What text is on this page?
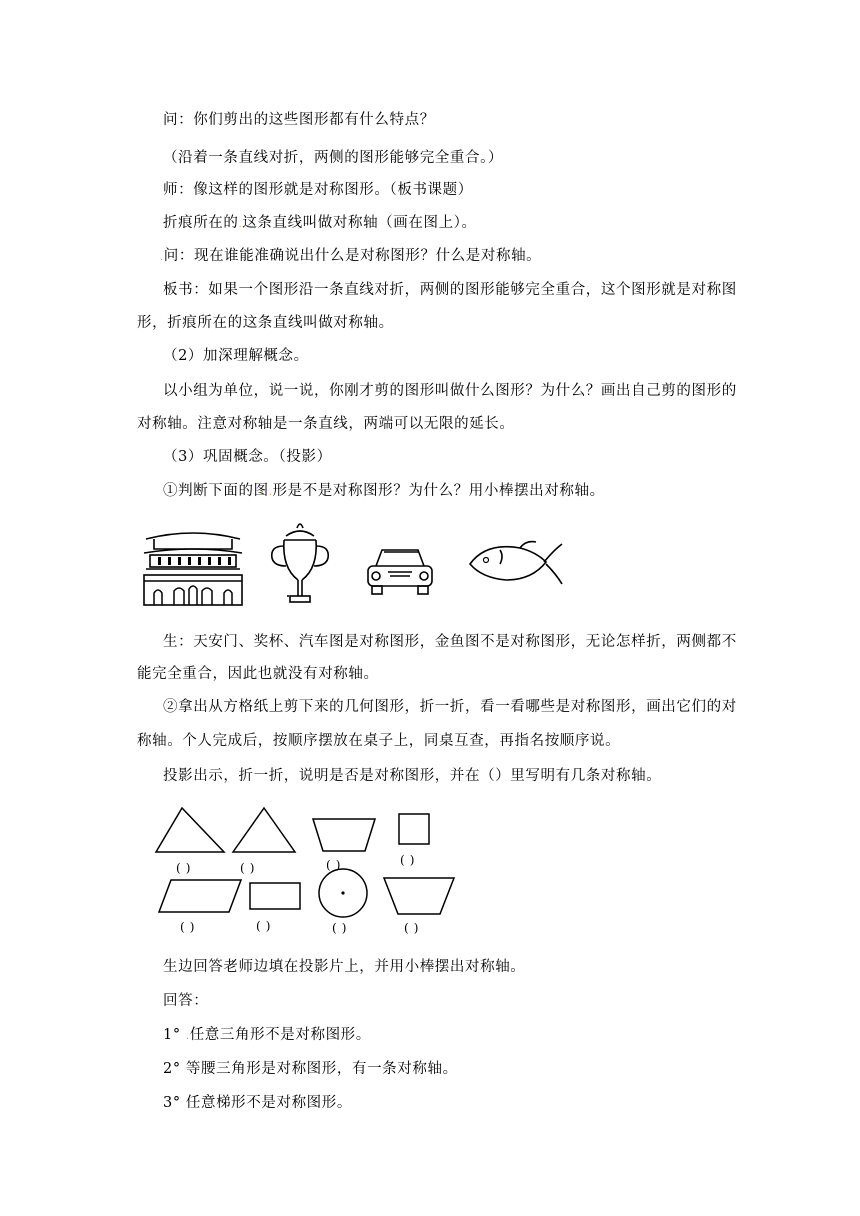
问：你们剪出的这些图形都有什么特点？
（沿着一条直线对折，两侧的图形能够完全重合。）
师：像这样的图形就是对称图形。（板书课题）
折痕所在的.这条直线叫做对称轴（画在图上）。
.问：现在谁能准确说出什么是对称图形？什么是对称轴。
板书：如果一个图形沿一条直线对折，两侧的图形能够完全重合，这个图形就是对称图
形，折痕所在的这条直线叫做对称轴。
（2）加深理解概念。
以小组为单位，说一说，你刚才剪的图形叫做什么图形？为什么？画出自己剪的图形的
对称轴。注意对称轴是一条直线，两端可以无限的延长。
（3）巩固概念。（投影）
①判断下面的图.形是不是对称图形？为什么？用小棒摆出对称轴。
生：天安门、奖杯、汽车图是对称图形，金鱼图不是对称图形，无论怎样折，两侧都不
能完全重合，因此也就没有对称轴。
②拿出从方格纸上剪下来的几何图形，折一折，看一看哪些是对称图形，画出它们的对
称轴。个人完成后，按顺序摆放在桌子上，同桌互查，再指名按顺序说。
投影出示，折一折，说明是否是对称图形，并在（）里写明有几条对称轴。
( )	( )	( )	( )
( )	( )	( )	( )
生边回答老师边填在投影片上，并用小棒摆出对称轴。
回答：
1° .任意三角形不是对称图形。
2° 等腰三角形是对称图形，有一条对称轴。
3° 任意梯形不是对称图形。
